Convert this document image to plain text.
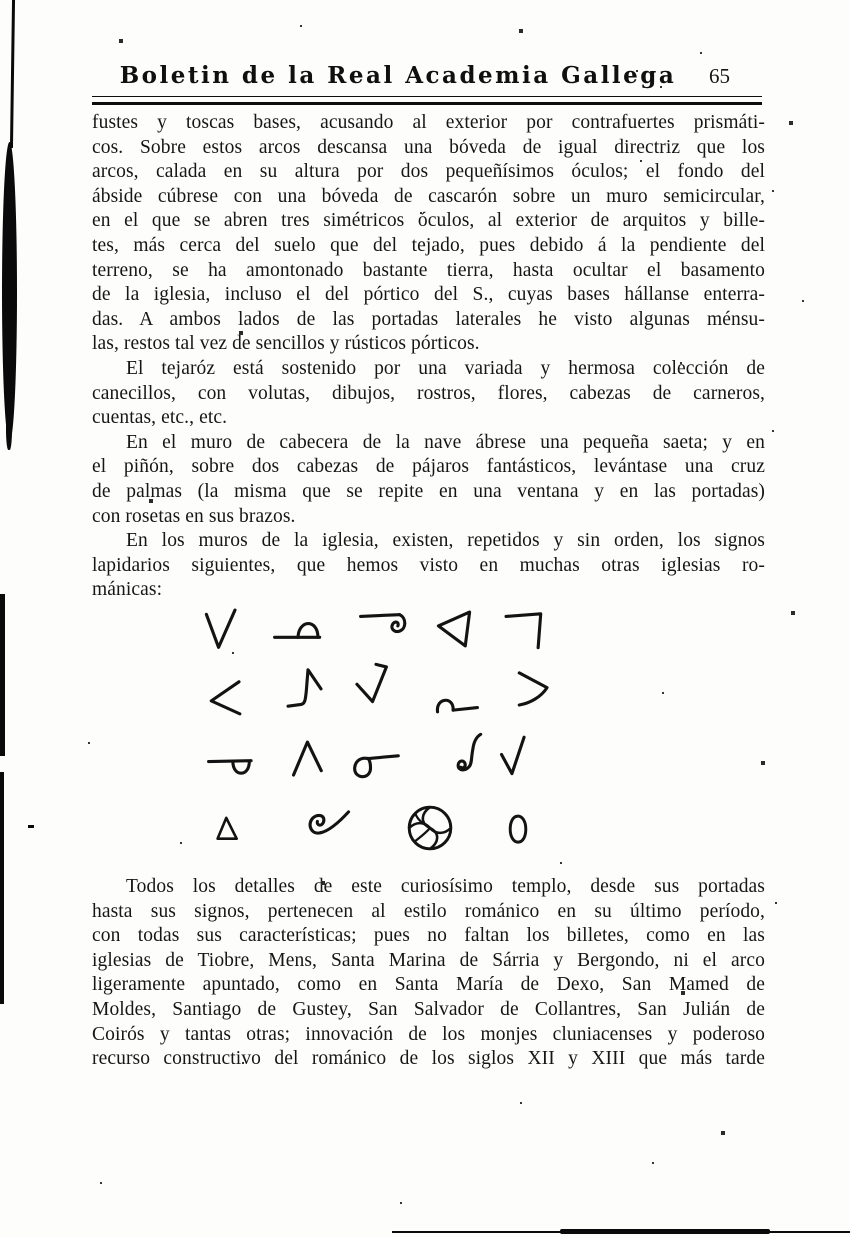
Boletin de la Real Academia Gallega	65
fustes y toscas bases, acusando al exterior por contrafuertes prismáti-
cos. Sobre estos arcos descansa una bóveda de igual directriz que los
arcos, calada en su altura por dos pequeñísimos óculos; el fondo del
ábside cúbrese con una bóveda de cascarón sobre un muro semicircular,
en el que se abren tres simétricos óculos, al exterior de arquitos y bille-
tes, más cerca del suelo que del tejado, pues debido á la pendiente del
terreno, se ha amontonado bastante tierra, hasta ocultar el basamento
de la iglesia, incluso el del pórtico del S., cuyas bases hállanse enterra-
das. A ambos lados de las portadas laterales he visto algunas ménsu-
las, restos tal vez de sencillos y rústicos pórticos.
El tejaróz está sostenido por una variada y hermosa colección de
canecillos, con volutas, dibujos, rostros, flores, cabezas de carneros,
cuentas, etc., etc.
En el muro de cabecera de la nave ábrese una pequeña saeta; y en
el piñón, sobre dos cabezas de pájaros fantásticos, levántase una cruz
de palmas (la misma que se repite en una ventana y en las portadas)
con rosetas en sus brazos.
En los muros de la iglesia, existen, repetidos y sin orden, los signos
lapidarios siguientes, que hemos visto en muchas otras iglesias ro-
mánicas:
Todos los detalles de este curiosísimo templo, desde sus portadas
hasta sus signos, pertenecen al estilo románico en su último período,
con todas sus características; pues no faltan los billetes, como en las
iglesias de Tiobre, Mens, Santa Marina de Sárria y Bergondo, ni el arco
ligeramente apuntado, como en Santa María de Dexo, San Mamed de
Moldes, Santiago de Gustey, San Salvador de Collantres, San Julián de
Coirós y tantas otras; innovación de los monjes cluniacenses y poderoso
recurso constructivo del románico de los siglos XII y XIII que más tarde
